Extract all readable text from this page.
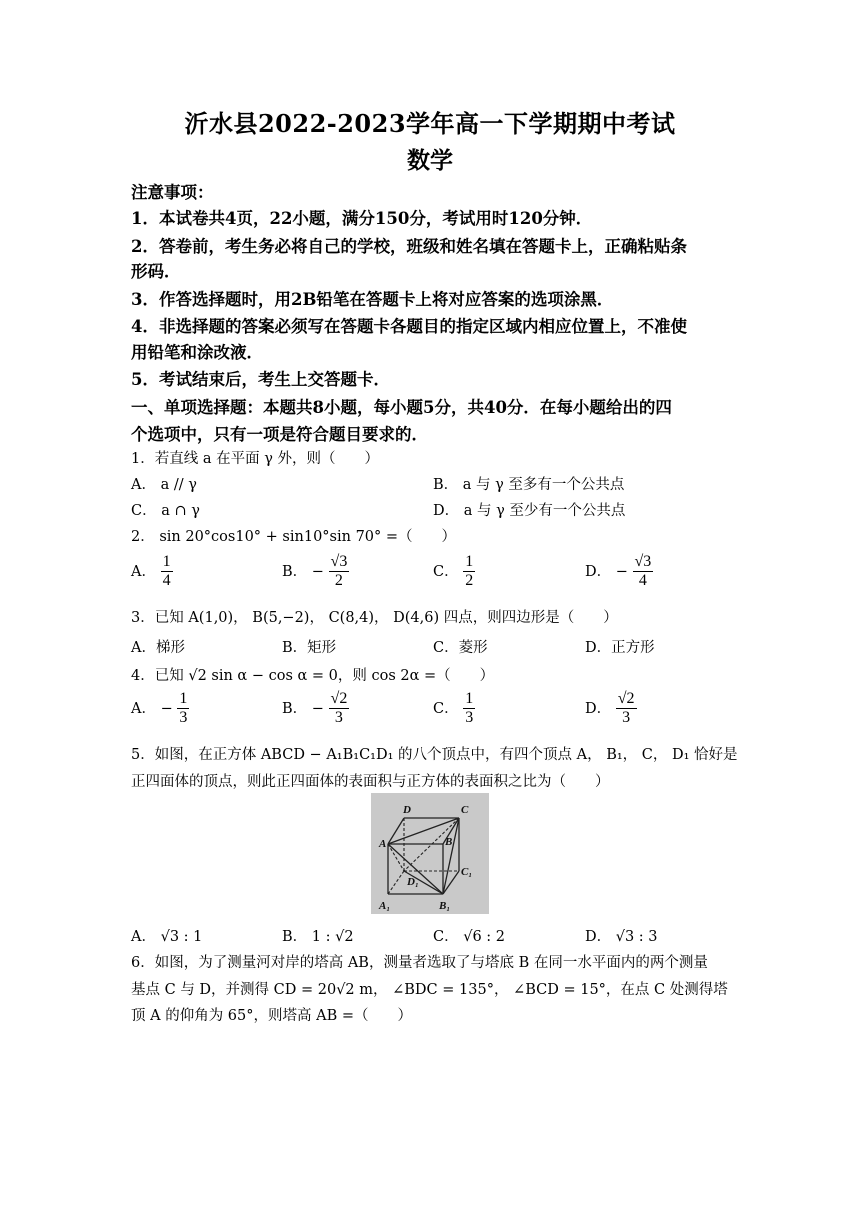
沂水县2022-2023学年高一下学期期中考试
数学
注意事项：
1．本试卷共4页，22小题，满分150分，考试用时120分钟．
2．答卷前，考生务必将自己的学校，班级和姓名填在答题卡上，正确粘贴条
形码．
3．作答选择题时，用2B铅笔在答题卡上将对应答案的选项涂黑．
4．非选择题的答案必须写在答题卡各题目的指定区域内相应位置上，不准使
用铅笔和涂改液．
5．考试结束后，考生上交答题卡．
一、单项选择题：本题共8小题，每小题5分，共40分．在每小题给出的四
个选项中，只有一项是符合题目要求的．
1．若直线 a 在平面 γ 外，则（　　）
A． a // γ	B． a 与 γ 至多有一个公共点
C． a ∩ γ	D． a 与 γ 至少有一个公共点
2． sin 20°cos10° + sin10°sin 70° =（　　）
A． $\frac{1}{4}$	B． − $\frac{√3}{2}$	C． $\frac{1}{2}$	D． − $\frac{√3}{4}$
3．已知 A(1,0)， B(5,−2)， C(8,4)， D(4,6) 四点，则四边形是（　　）
A．梯形	B．矩形	C．菱形	D．正方形
4．已知 √2 sin α − cos α = 0，则 cos 2α =（　　）
A． − $\frac{1}{3}$	B． − $\frac{√2}{3}$	C． $\frac{1}{3}$	D． $\frac{√2}{3}$
5．如图，在正方体 ABCD − A₁B₁C₁D₁ 的八个顶点中，有四个顶点 A， B₁， C， D₁ 恰好是
正四面体的顶点，则此正四面体的表面积与正方体的表面积之比为（　　）
D	C
A	B
D₁
C₁
A₁	B₁
A． √3 : 1	B． 1 : √2	C． √6 : 2	D． √3 : 3
6．如图，为了测量河对岸的塔高 AB，测量者选取了与塔底 B 在同一水平面内的两个测量
基点 C 与 D，并测得 CD = 20√2 m， ∠BDC = 135°， ∠BCD = 15°，在点 C 处测得塔
顶 A 的仰角为 65°，则塔高 AB =（　　）
